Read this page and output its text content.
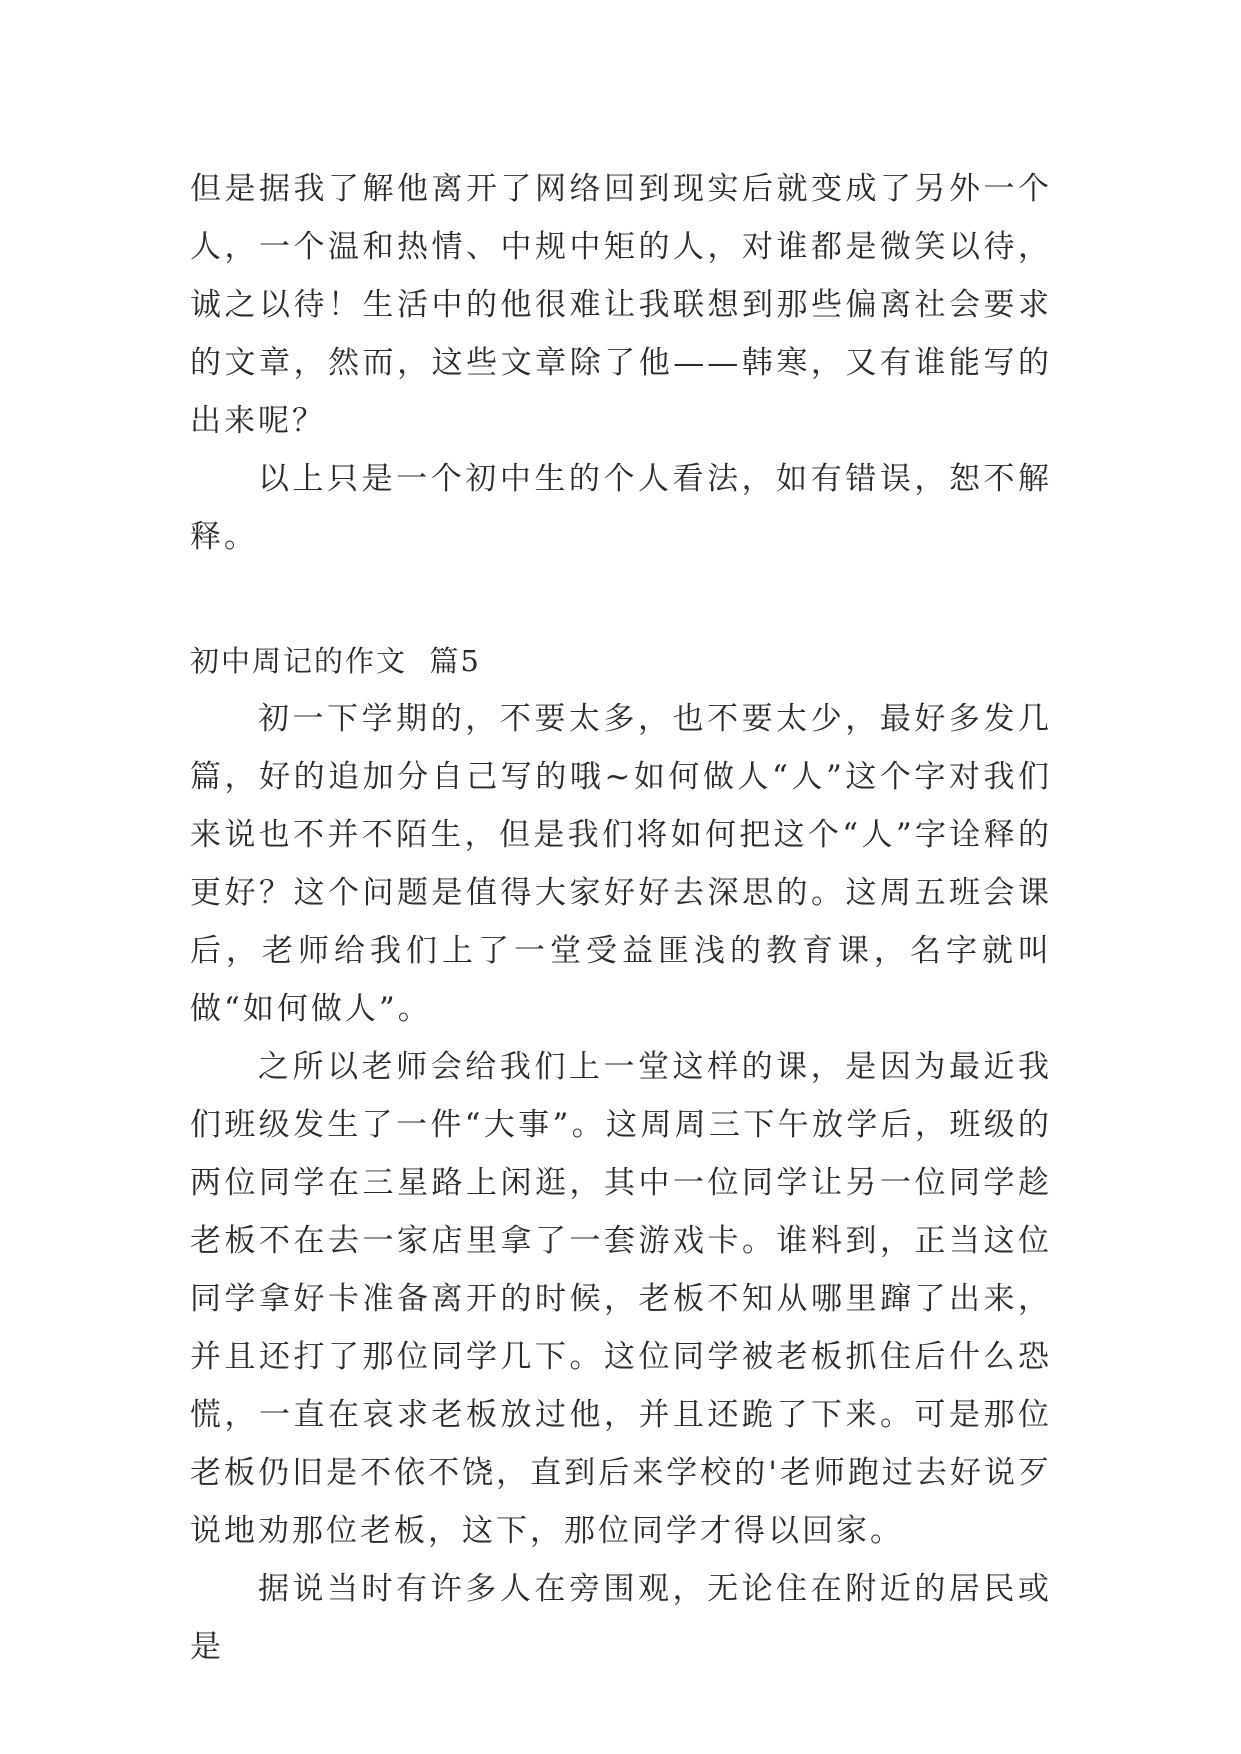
但是据我了解他离开了网络回到现实后就变成了另外一个人，一个温和热情、中规中矩的人，对谁都是微笑以待，诚之以待！生活中的他很难让我联想到那些偏离社会要求的文章，然而，这些文章除了他——韩寒，又有谁能写的出来呢？

以上只是一个初中生的个人看法，如有错误，恕不解释。

初中周记的作文  篇5

初一下学期的，不要太多，也不要太少，最好多发几篇，好的追加分自己写的哦~如何做人“人”这个字对我们来说也不并不陌生，但是我们将如何把这个“人”字诠释的更好？这个问题是值得大家好好去深思的。这周五班会课后，老师给我们上了一堂受益匪浅的教育课，名字就叫做“如何做人”。

之所以老师会给我们上一堂这样的课，是因为最近我们班级发生了一件“大事”。这周周三下午放学后，班级的两位同学在三星路上闲逛，其中一位同学让另一位同学趁老板不在去一家店里拿了一套游戏卡。谁料到，正当这位同学拿好卡准备离开的时候，老板不知从哪里蹿了出来，并且还打了那位同学几下。这位同学被老板抓住后什么恐慌，一直在哀求老板放过他，并且还跪了下来。可是那位老板仍旧是不依不饶，直到后来学校的'老师跑过去好说歹说地劝那位老板，这下，那位同学才得以回家。

据说当时有许多人在旁围观，无论住在附近的居民或是
